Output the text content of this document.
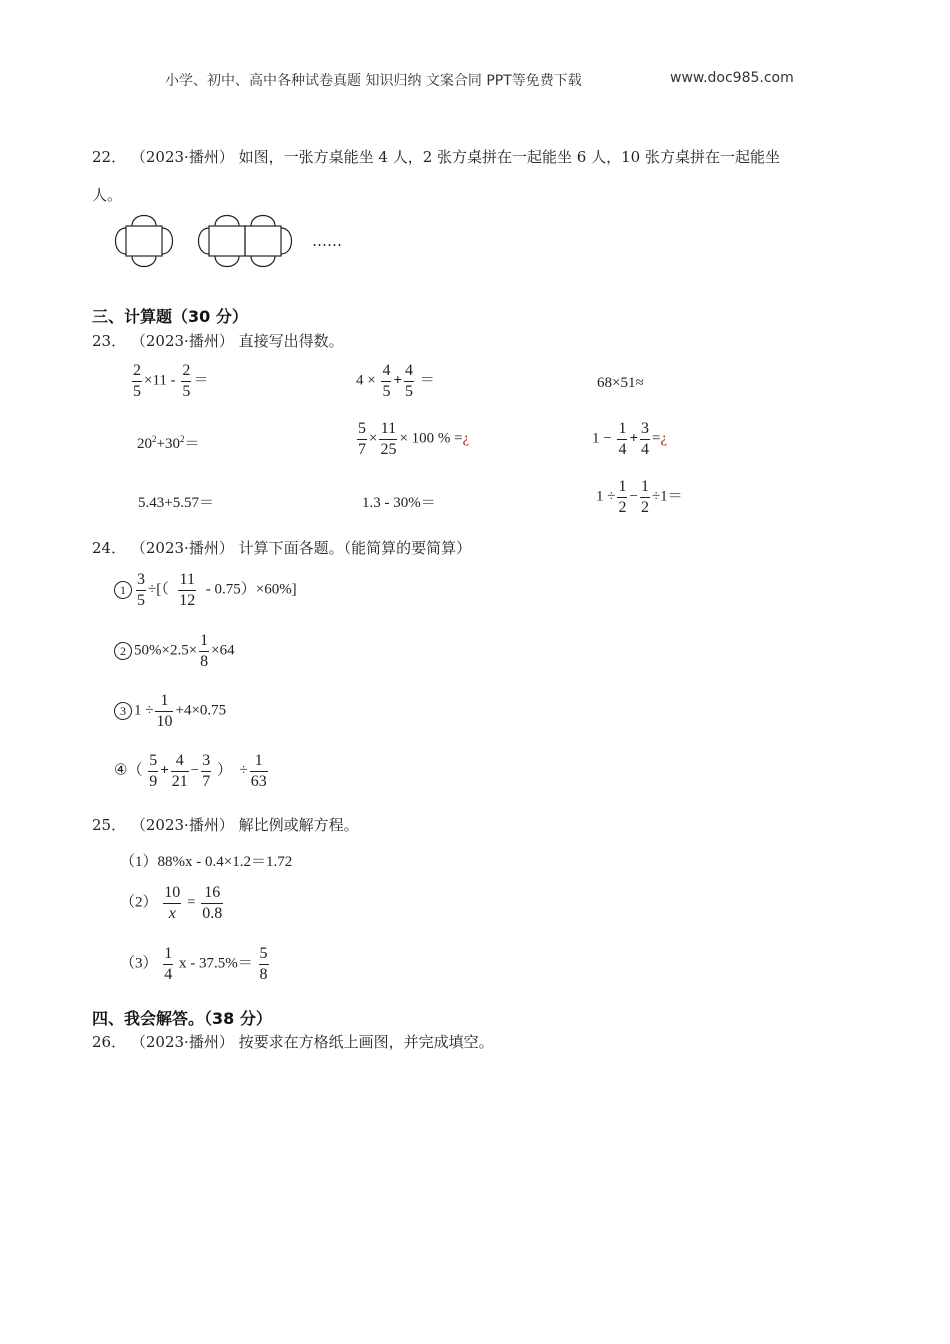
小学、初中、高中各种试卷真题 知识归纳 文案合同 PPT等免费下载	www.doc985.com
22． （2023·播州） 如图，一张方桌能坐 4 人，2 张方桌拼在一起能坐 6 人，10 张方桌拼在一起能坐
人。
……
三、计算题（30 分）
23． （2023·播州） 直接写出得数。
$\frac{2}{5} \times 11 - \frac{2}{5}$ ＝	$4 \times \frac{4}{5} + \frac{4}{5}$ ＝	68×51≈
$20^2+30^2=$	$\frac{5}{7} \times \frac{11}{25} \times 100$ % =¿	$1 - \frac{1}{4} + \frac{3}{4}$ =¿
5.43+5.57＝	1.3 - 30%＝	$1 \div \frac{1}{2} - \frac{1}{2} \div 1=$
24． （2023·播州） 计算下面各题。（能简算的要简算）
$1 \frac{3}{5}$ ÷[（ $\frac{11}{12} - 0.75)\times 60\%$]
2 $50\%\times 2.5\times \frac{1}{8} \times 64$
3 $1 \div \frac{1}{10} +4\times 0.75$
④（ $\frac{5}{9} + \frac{4}{21} - \frac{3}{7}$ ） ÷ $\frac{1}{63}$
25． （2023·播州） 解比例或解方程。
（1）88%x - 0.4×1.2＝1.72
$(2) \frac{10}{x} = \frac{16}{0.8}$
$(3) \frac{1}{4}$ $x - 37.5\%= \frac{5}{8}$
四、我会解答。（38 分）
26． （2023·播州） 按要求在方格纸上画图，并完成填空。
